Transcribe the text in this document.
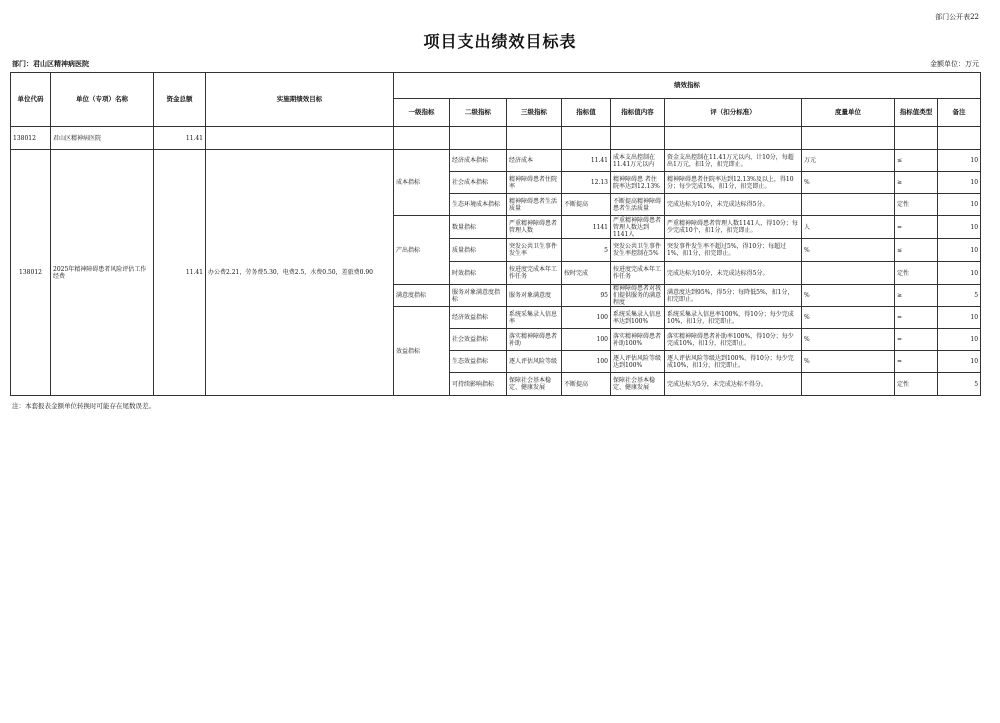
部门公开表22
项目支出绩效目标表
部门：君山区精神病医院	金额单位：万元
单位代码	单位（专项）名称	资金总额	实施期绩效目标	绩效指标								
				一级指标	二级指标	三级指标	指标值	指标值内容	评（扣分标准）	度量单位	指标值类型	备注
138012	君山区精神病医院	11.41										
138012	2025年精神障碍患者风险评估工作经费	11.41	办公费2.21，劳务费5.30，电费2.5，水费0.50，差旅费0.90	成本指标	经济成本指标	经济成本	11.41	成本支出控制在11.41万元以内	资金支出控制在11.41万元以内，计10分，每超出1万元，扣1分，扣完即止。	万元	≤	10
					社会成本指标	精神障碍患者住院率	12.13	精神障碍患 者住院率达到12.13%	精神障碍患者住院率达到12.13%及以上，得10分；每少完成1%，扣1分，扣完即止。	%	≥	10
					生态环境成本指标	精神障碍患者生活质量	不断提高	不断提高精神障碍患者生活质量	完成达标为10分，未完成达标得5分。		定性	10
				产出指标	数量指标	严重精神障碍患者管理人数	1141	严重精神障碍患者管理人数达到1141人	严重精神障碍患者管理人数1141人，得10分；每少完成10个，扣1分，扣完即止。	人	=	10
					质量指标	突发公共卫生事件发生率	5	突发公共卫生事件发生率控制在5%	突发事件发生率不超过5%，得10分；每超过1%，扣1分，扣完即止。	%	≤	10
					时效指标	按进度完成本年工作任务	按时完成	按进度完成本年工作任务	完成达标为10分，未完成达标得5分。		定性	10
				满意度指标	服务对象满意度指标	服务对象满意度	95	精神障碍患者对我们提供服务的满意程度	满意度达到95%，得5分；每降低5%，扣1分，扣完即止。	%	≥	5
				效益指标	经济效益指标	系统采集录入信息率	100	系统采集录入信息率达到100%	系统采集录入信息率100%，得10分；每少完成10%，扣1分，扣完即止。	%	=	10
					社会效益指标	落实精神障碍患者补助	100	落实精神障碍患者补助100%	落实精神障碍患者补助率100%，得10分；每少完成10%，扣1分，扣完即止。	%	=	10
					生态效益指标	逐人评估风险等级	100	逐人评估风险等级达到100%	逐人评估风险等级达到100%，得10分；每少完成10%，扣1分，扣完即止。	%	=	10
					可持续影响指标	保障社会基本稳定、健康发展	不断提高	保障社会基本稳定、健康发展	完成达标为5分，未完成达标不得分。		定性	5
注：本套报表金额单位转换时可能存在尾数误差。
